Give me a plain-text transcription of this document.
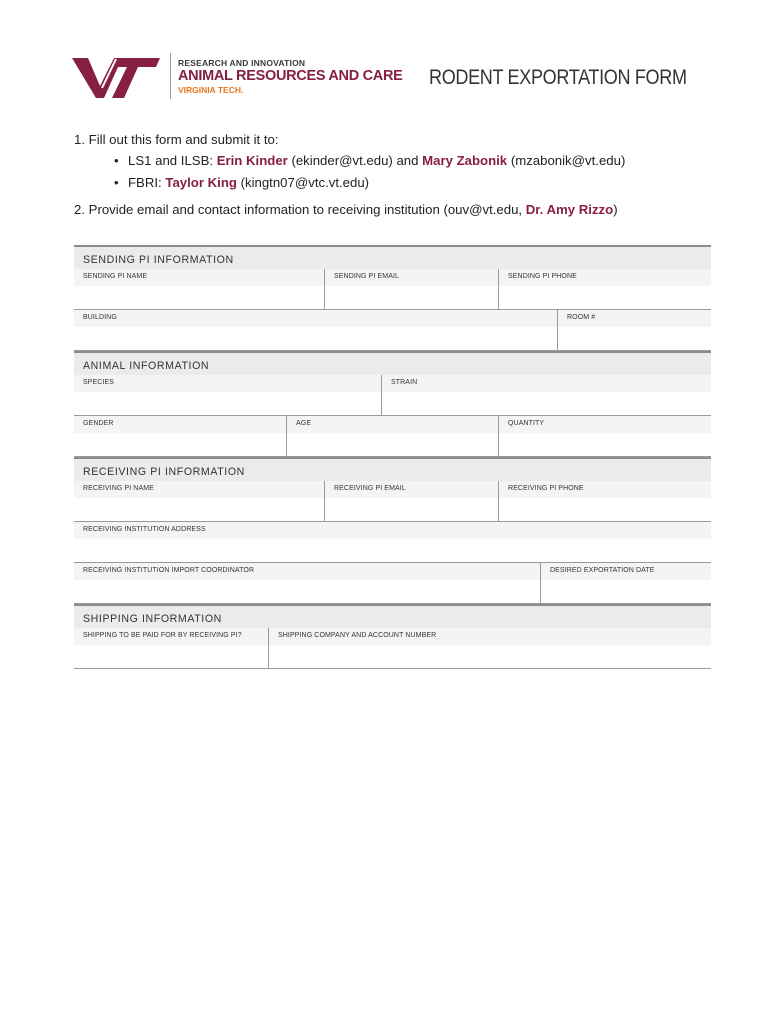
RESEARCH AND INNOVATION
ANIMAL RESOURCES AND CARE
VIRGINIA TECH.
RODENT EXPORTATION FORM
1. Fill out this form and submit it to:
• LS1 and ILSB: Erin Kinder (ekinder@vt.edu) and Mary Zabonik (mzabonik@vt.edu)
• FBRI: Taylor King (kingtn07@vtc.vt.edu)
2. Provide email and contact information to receiving institution (ouv@vt.edu, Dr. Amy Rizzo)
SENDING PI INFORMATION
SENDING PI NAME	SENDING PI EMAIL	SENDING PI PHONE
BUILDING	ROOM #
ANIMAL INFORMATION
SPECIES	STRAIN
GENDER	AGE	QUANTITY
RECEIVING PI INFORMATION
RECEIVING PI NAME	RECEIVING PI EMAIL	RECEIVING PI PHONE
RECEIVING INSTITUTION ADDRESS
RECEIVING INSTITUTION IMPORT COORDINATOR	DESIRED EXPORTATION DATE
SHIPPING INFORMATION
SHIPPING TO BE PAID FOR BY RECEIVING PI?	SHIPPING COMPANY AND ACCOUNT NUMBER
